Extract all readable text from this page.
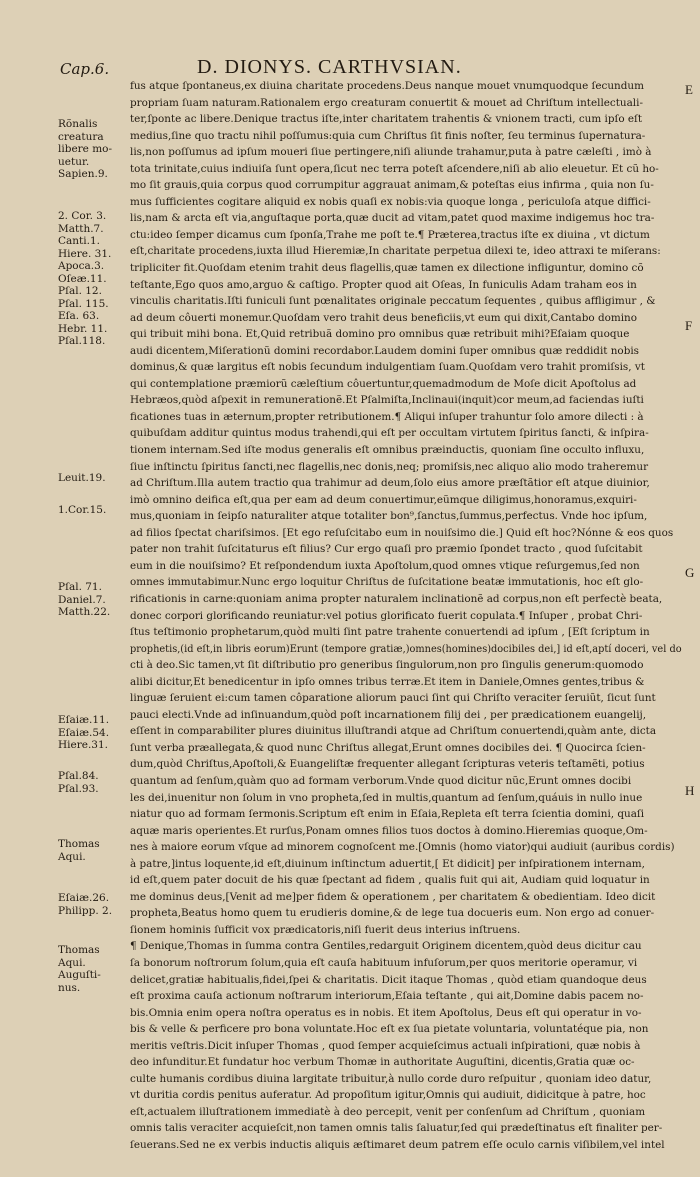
Cap.6.	D. DIONYS. CARTHVSIAN.
Rõnalis
creatura
libere mo-
uetur.
Sapien.9.
2. Cor. 3.
Matth.7.
Canti.1.
Hiere. 31.
Apoca.3.
Oſeæ.11.
Pſal. 12.
Pſal. 115.
Eſa. 63.
Hebr. 11.
Pſal.118.
Leuit.19.
1.Cor.15.
Pſal. 71.
Daniel.7.
Matth.22.
Eſaiæ.11.
Eſaiæ.54.
Hiere.31.
Pſal.84.
Pſal.93.
Thomas
Aqui.
Eſaiæ.26.
Philipp. 2.
Thomas
Aqui.
Auguſti-
nus.
E
F
G
H
fus atque ſpontaneus,ex diuina charitate procedens.Deus nanque mouet vnumquodque ſecundum
propriam ſuam naturam.Rationalem ergo creaturam conuertit & mouet ad Chriſtum intellectuali-
ter,ſponte ac libere.Denique tractus iſte,inter charitatem trahentis & vnionem tracti, cum ipſo eſt
medius,ſine quo tractu nihil poſſumus:quia cum Chriſtus ſit finis noſter, ſeu terminus ſupernatura-
lis,non poſſumus ad ipſum moueri ſiue pertingere,niſi aliunde trahamur,puta à patre cæleſti , imò à
tota trinitate,cuius indiuiſa ſunt opera,ſicut nec terra poteſt aſcendere,niſi ab alio eleuetur. Et cũ ho-
mo ſit grauis,quia corpus quod corrumpitur aggrauat animam,& poteſtas eius infirma , quia non ſu-
mus ſufficientes cogitare aliquid ex nobis quaſi ex nobis:via quoque longa , periculoſa atque diffici-
lis,nam & arcta eſt via,anguſtaque porta,quæ ducit ad vitam,patet quod maxime indigemus hoc tra-
ctu:ideo ſemper dicamus cum ſponſa,Trahe me poſt te.¶ Præterea,tractus iſte ex diuina , vt dictum
eſt,charitate procedens,iuxta illud Hieremiæ,In charitate perpetua dilexi te, ideo attraxi te miſerans:
tripliciter fit.Quoſdam etenim trahit deus flagellis,quæ tamen ex dilectione infliguntur, domino cõ
teſtante,Ego quos amo,arguo & caſtigo. Propter quod ait Oſeas, In funiculis Adam traham eos in
vinculis charitatis.Iſti funiculi ſunt pœnalitates originale peccatum ſequentes , quibus affligimur , &
ad deum côuerti monemur.Quoſdam vero trahit deus beneficiis,vt eum qui dixit,Cantabo domino
qui tribuit mihi bona. Et,Quid retribuã domino pro omnibus quæ retribuit mihi?Eſaiam quoque
audi dicentem,Miſerationũ domini recordabor.Laudem domini ſuper omnibus quæ reddidit nobis
dominus,& quæ largitus eſt nobis ſecundum indulgentiam ſuam.Quoſdam vero trahit promiſsis, vt
qui contemplatione præmiorũ cæleſtium côuertuntur,quemadmodum de Moſe dicit Apoſtolus ad
Hebræos,quòd aſpexit in remunerationẽ.Et Pſalmiſta,Inclinaui(inquit)cor meum,ad faciendas iuſti
ficationes tuas in æternum,propter retributionem.¶ Aliqui inſuper trahuntur ſolo amore dilecti : à
quibuſdam additur quintus modus trahendi,qui eſt per occultam virtutem ſpiritus ſancti, & inſpira-
tionem internam.Sed iſte modus generalis eſt omnibus præinductis, quoniam ſine occulto influxu,
ſiue inſtinctu ſpiritus ſancti,nec flagellis,nec donis,neq; promiſsis,nec aliquo alio modo traheremur
ad Chriſtum.Illa autem tractio qua trahimur ad deum,ſolo eius amore præſtãtior eſt atque diuinior,
imò omnino deifica eſt,qua per eam ad deum conuertimur,eũmque diligimus,honoramus,exquiri-
mus,quoniam in ſeipſo naturaliter atque totaliter bon⁹,ſanctus,ſummus,perfectus. Vnde hoc ipſum,
ad filios ſpectat chariſsimos. [Et ego reſuſcitabo eum in nouiſsimo die.] Quid eſt hoc?Nónne & eos quos
pater non trahit ſuſcitaturus eſt filius? Cur ergo quaſi pro præmio ſpondet tracto , quod ſuſcitabit
eum in die nouiſsimo? Et reſpondendum iuxta Apoſtolum,quod omnes vtique reſurgemus,ſed non
omnes immutabimur.Nunc ergo loquitur Chriſtus de ſuſcitatione beatæ immutationis, hoc eſt glo-
rificationis in carne:quoniam anima propter naturalem inclinationẽ ad corpus,non eſt perfectè beata,
donec corpori glorificando reuniatur:vel potius glorificato fuerit copulata.¶ Inſuper , probat Chri-
ſtus teſtimonio prophetarum,quòd multi ſint patre trahente conuertendi ad ipſum , [Eſt ſcriptum in
prophetis,(id eſt,in libris eorum)Erunt (tempore gratiæ,)omnes(homines)docibiles dei,] id eſt,aptí doceri, vel do
cti à deo.Sic tamen,vt ſit diſtributio pro generibus ſingulorum,non pro ſingulis generum:quomodo
alibi dicitur,Et benedicentur in ipſo omnes tribus terræ.Et item in Daniele,Omnes gentes,tribus &
linguæ ſeruient ei:cum tamen côparatione aliorum pauci ſint qui Chriſto veraciter ſeruiũt, ſicut ſunt
pauci electi.Vnde ad inſinuandum,quòd poſt incarnationem filij dei , per prædicationem euangelij,
eſſent in comparabiliter plures diuinitus illuſtrandi atque ad Chriſtum conuertendi,quàm ante, dicta
ſunt verba præallegata,& quod nunc Chriſtus allegat,Erunt omnes docibiles dei. ¶ Quocirca ſcien-
dum,quòd Chriſtus,Apoſtoli,& Euangeliſtæ frequenter allegant ſcripturas veteris teſtamẽti, potius
quantum ad ſenſum,quàm quo ad formam verborum.Vnde quod dicitur nũc,Erunt omnes docibi
les dei,inuenitur non ſolum in vno propheta,ſed in multis,quantum ad ſenſum,quáuis in nullo inue
niatur quo ad formam ſermonis.Scriptum eſt enim in Eſaia,Repleta eſt terra ſcientia domini, quaſi
aquæ maris operientes.Et rurſus,Ponam omnes filios tuos doctos à domino.Hieremias quoque,Om-
nes à maiore eorum vſque ad minorem cognoſcent me.[Omnis (homo viator)qui audiuit (auribus cordis)
à patre,]intus loquente,id eſt,diuinum inſtinctum aduertit,[ Et didicit] per inſpirationem internam,
id eſt,quem pater docuit de his quæ ſpectant ad fidem , qualis fuit qui ait, Audiam quid loquatur in
me dominus deus,[Venit ad me]per fidem & operationem , per charitatem & obedientiam. Ideo dicit
propheta,Beatus homo quem tu erudieris domine,& de lege tua docueris eum. Non ergo ad conuer-
ſionem hominis ſufficit vox prædicatoris,niſi fuerit deus interius inſtruens.
¶ Denique,Thomas in ſumma contra Gentiles,redarguit Originem dicentem,quòd deus dicitur cau
ſa bonorum noſtrorum ſolum,quia eſt cauſa habituum infuſorum,per quos meritorie operamur, vi
delicet,gratiæ habitualis,fidei,ſpei & charitatis. Dicit itaque Thomas , quòd etiam quandoque deus
eſt proxima cauſa actionum noſtrarum interiorum,Eſaia teſtante , qui ait,Domine dabis pacem no-
bis.Omnia enim opera noſtra operatus es in nobis. Et item Apoſtolus, Deus eſt qui operatur in vo-
bis & velle & perficere pro bona voluntate.Hoc eſt ex ſua pietate voluntaria, voluntatéque pia, non
meritis veſtris.Dicit inſuper Thomas , quod ſemper acquieſcimus actuali inſpirationi, quæ nobis à
deo infunditur.Et fundatur hoc verbum Thomæ in authoritate Auguſtini, dicentis,Gratia quæ oc-
culte humanis cordibus diuina largitate tribuitur,à nullo corde duro reſpuitur , quoniam ideo datur,
vt duritia cordis penitus auferatur. Ad propoſitum igitur,Omnis qui audiuit, didicitque à patre, hoc
eſt,actualem illuſtrationem immediatè à deo percepit, venit per conſenſum ad Chriſtum , quoniam
omnis talis veraciter acquieſcit,non tamen omnis talis ſaluatur,ſed qui prædeſtinatus eſt finaliter per-
ſeuerans.Sed ne ex verbis inductis aliquis æſtimaret deum patrem eſſe oculo carnis viſibilem,vel intel
